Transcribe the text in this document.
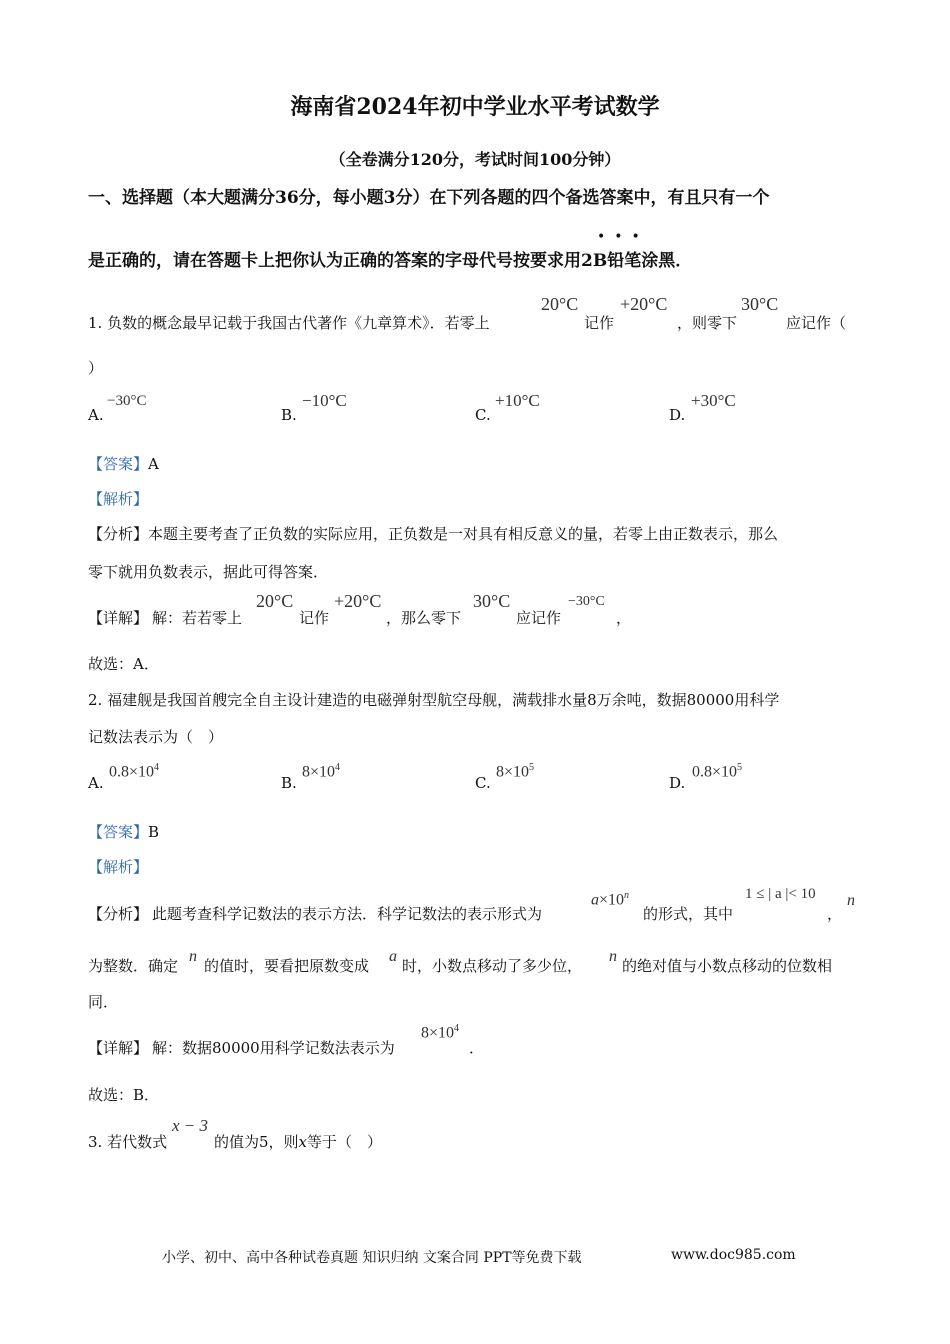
海南省2024年初中学业水平考试数学
（全卷满分120分，考试时间100分钟）
一、选择题（本大题满分36分，每小题3分）在下列各题的四个备选答案中，有且只有一个
•••
是正确的，请在答题卡上把你认为正确的答案的字母代号按要求用2B铅笔涂黑．
1. 负数的概念最早记载于我国古代著作《九章算术》．若零上
20°C
记作
+20°C
，则零下
30°C
应记作（
）
A.
−30°C
B.
−10°C
C.
+10°C
D.
+30°C
【答案】A
【解析】
【分析】本题主要考查了正负数的实际应用，正负数是一对具有相反意义的量，若零上由正数表示，那么
零下就用负数表示，据此可得答案．
【详解】 解：若若零上
20°C
记作
+20°C
，那么零下
30°C
应记作
−30°C
，
故选：A．
2. 福建舰是我国首艘完全自主设计建造的电磁弹射型航空母舰，满载排水量8万余吨，数据80000用科学
记数法表示为（　）
A.
$0.8\times 10^4$
B.
$8\times 10^4$
C.
$8\times 10^5$
D.
$0.8\times 10^5$
【答案】B
【解析】
【分析】 此题考查科学记数法的表示方法．科学记数法的表示形式为
$a\times 10^n$
的形式，其中
1 ≤ | a |< 10
，
n
为整数．确定
n
的值时，要看把原数变成
a
时，小数点移动了多少位，
n
的绝对值与小数点移动的位数相
同．
【详解】 解：数据80000用科学记数法表示为
$8\times 10^4$
．
故选：B．
3. 若代数式
x − 3
的值为5，则x等于（　）
小学、初中、高中各种试卷真题 知识归纳 文案合同 PPT等免费下载	www.doc985.com
